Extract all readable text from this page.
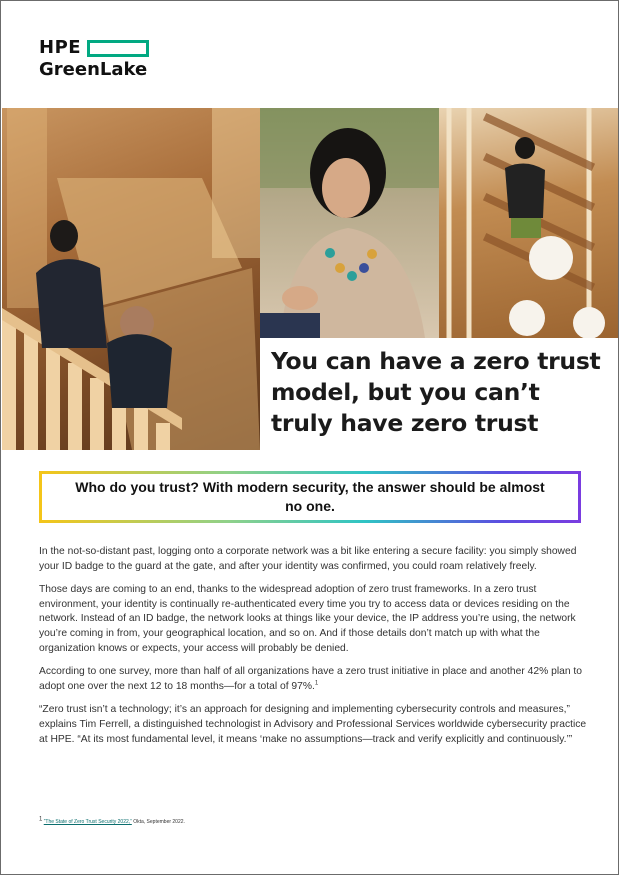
HPE
GreenLake
You can have a zero trust model, but you can’t truly have zero trust
Who do you trust? With modern security, the answer should be almost no one.

In the not-so-distant past, logging onto a corporate network was a bit like entering a secure facility: you simply showed your ID badge to the guard at the gate, and after your identity was confirmed, you could roam relatively freely.

Those days are coming to an end, thanks to the widespread adoption of zero trust frameworks. In a zero trust environment, your identity is continually re-authenticated every time you try to access data or devices residing on the network. Instead of an ID badge, the network looks at things like your device, the IP address you’re using, the network you’re coming in from, your geographical location, and so on. And if those details don’t match up with what the organization knows or expects, your access will probably be denied.

According to one survey, more than half of all organizations have a zero trust initiative in place and another 42% plan to adopt one over the next 12 to 18 months—for a total of 97%.$^1$

“Zero trust isn’t a technology; it’s an approach for designing and implementing cybersecurity controls and measures,” explains Tim Ferrell, a distinguished technologist in Advisory and Professional Services worldwide cybersecurity practice at HPE. “At its most fundamental level, it means ‘make no assumptions—track and verify explicitly and continuously.’”

$^1$ “The State of Zero Trust Security 2022,” Okta, September 2022.
